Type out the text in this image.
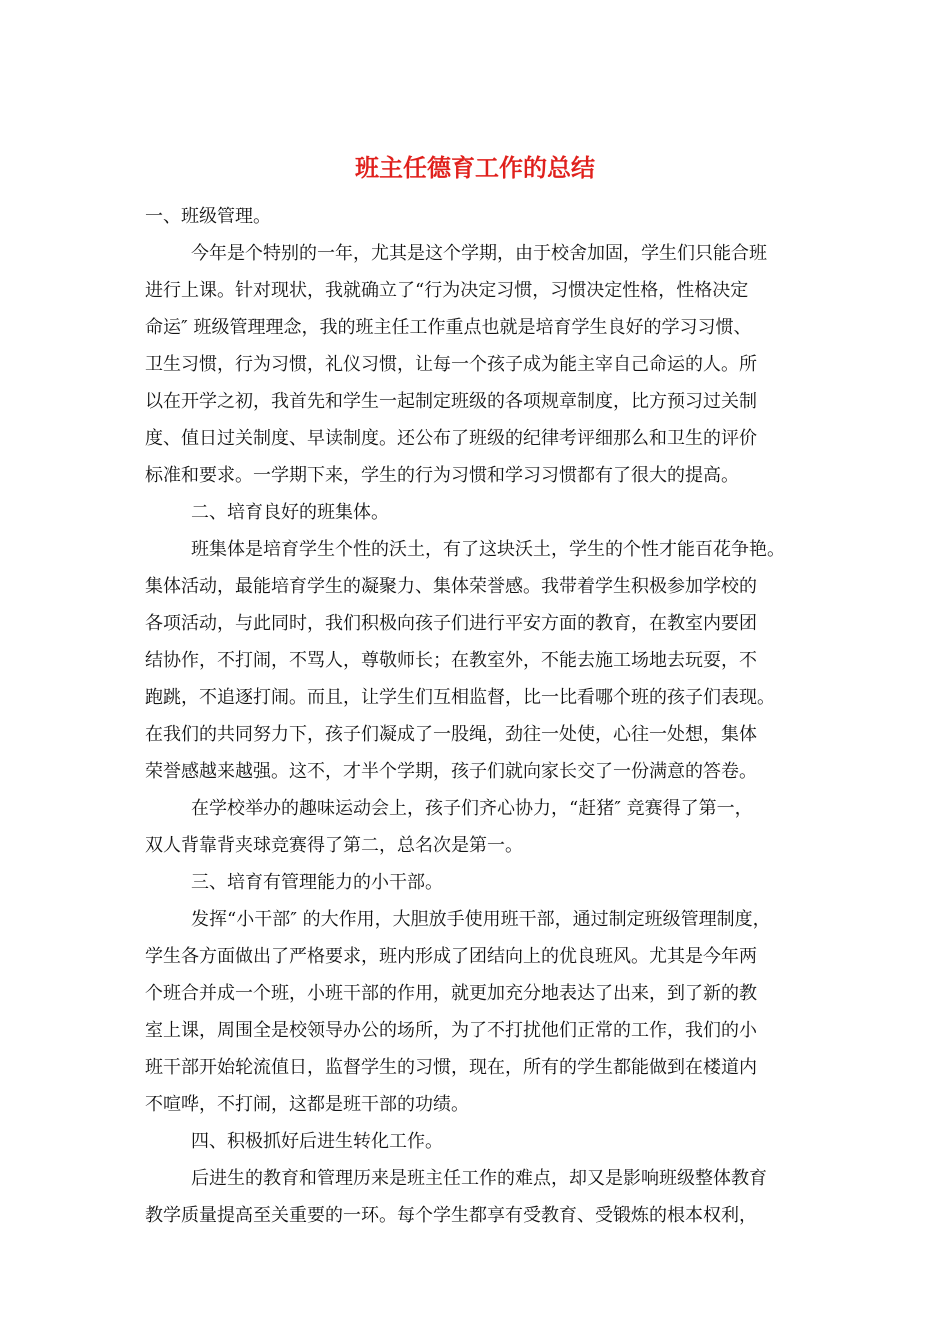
班主任德育工作的总结
一、班级管理。
今年是个特别的一年，尤其是这个学期，由于校舍加固，学生们只能合班
进行上课。针对现状，我就确立了“行为决定习惯，习惯决定性格，性格决定
命运″ 班级管理理念，我的班主任工作重点也就是培育学生良好的学习习惯、
卫生习惯，行为习惯，礼仪习惯，让每一个孩子成为能主宰自己命运的人。所
以在开学之初，我首先和学生一起制定班级的各项规章制度，比方预习过关制
度、值日过关制度、早读制度。还公布了班级的纪律考评细那么和卫生的评价
标准和要求。一学期下来，学生的行为习惯和学习习惯都有了很大的提高。
二、培育良好的班集体。
班集体是培育学生个性的沃土，有了这块沃土，学生的个性才能百花争艳。
集体活动，最能培育学生的凝聚力、集体荣誉感。我带着学生积极参加学校的
各项活动，与此同时，我们积极向孩子们进行平安方面的教育，在教室内要团
结协作，不打闹，不骂人，尊敬师长；在教室外，不能去施工场地去玩耍，不
跑跳，不追逐打闹。而且，让学生们互相监督，比一比看哪个班的孩子们表现。
在我们的共同努力下，孩子们凝成了一股绳，劲往一处使，心往一处想，集体
荣誉感越来越强。这不，才半个学期，孩子们就向家长交了一份满意的答卷。
在学校举办的趣味运动会上，孩子们齐心协力，“赶猪″ 竞赛得了第一，
双人背靠背夹球竞赛得了第二，总名次是第一。
三、培育有管理能力的小干部。
发挥“小干部″ 的大作用，大胆放手使用班干部，通过制定班级管理制度，
学生各方面做出了严格要求，班内形成了团结向上的优良班风。尤其是今年两
个班合并成一个班，小班干部的作用，就更加充分地表达了出来，到了新的教
室上课，周围全是校领导办公的场所，为了不打扰他们正常的工作，我们的小
班干部开始轮流值日，监督学生的习惯，现在，所有的学生都能做到在楼道内
不喧哗，不打闹，这都是班干部的功绩。
四、积极抓好后进生转化工作。
后进生的教育和管理历来是班主任工作的难点，却又是影响班级整体教育
教学质量提高至关重要的一环。每个学生都享有受教育、受锻炼的根本权利，
